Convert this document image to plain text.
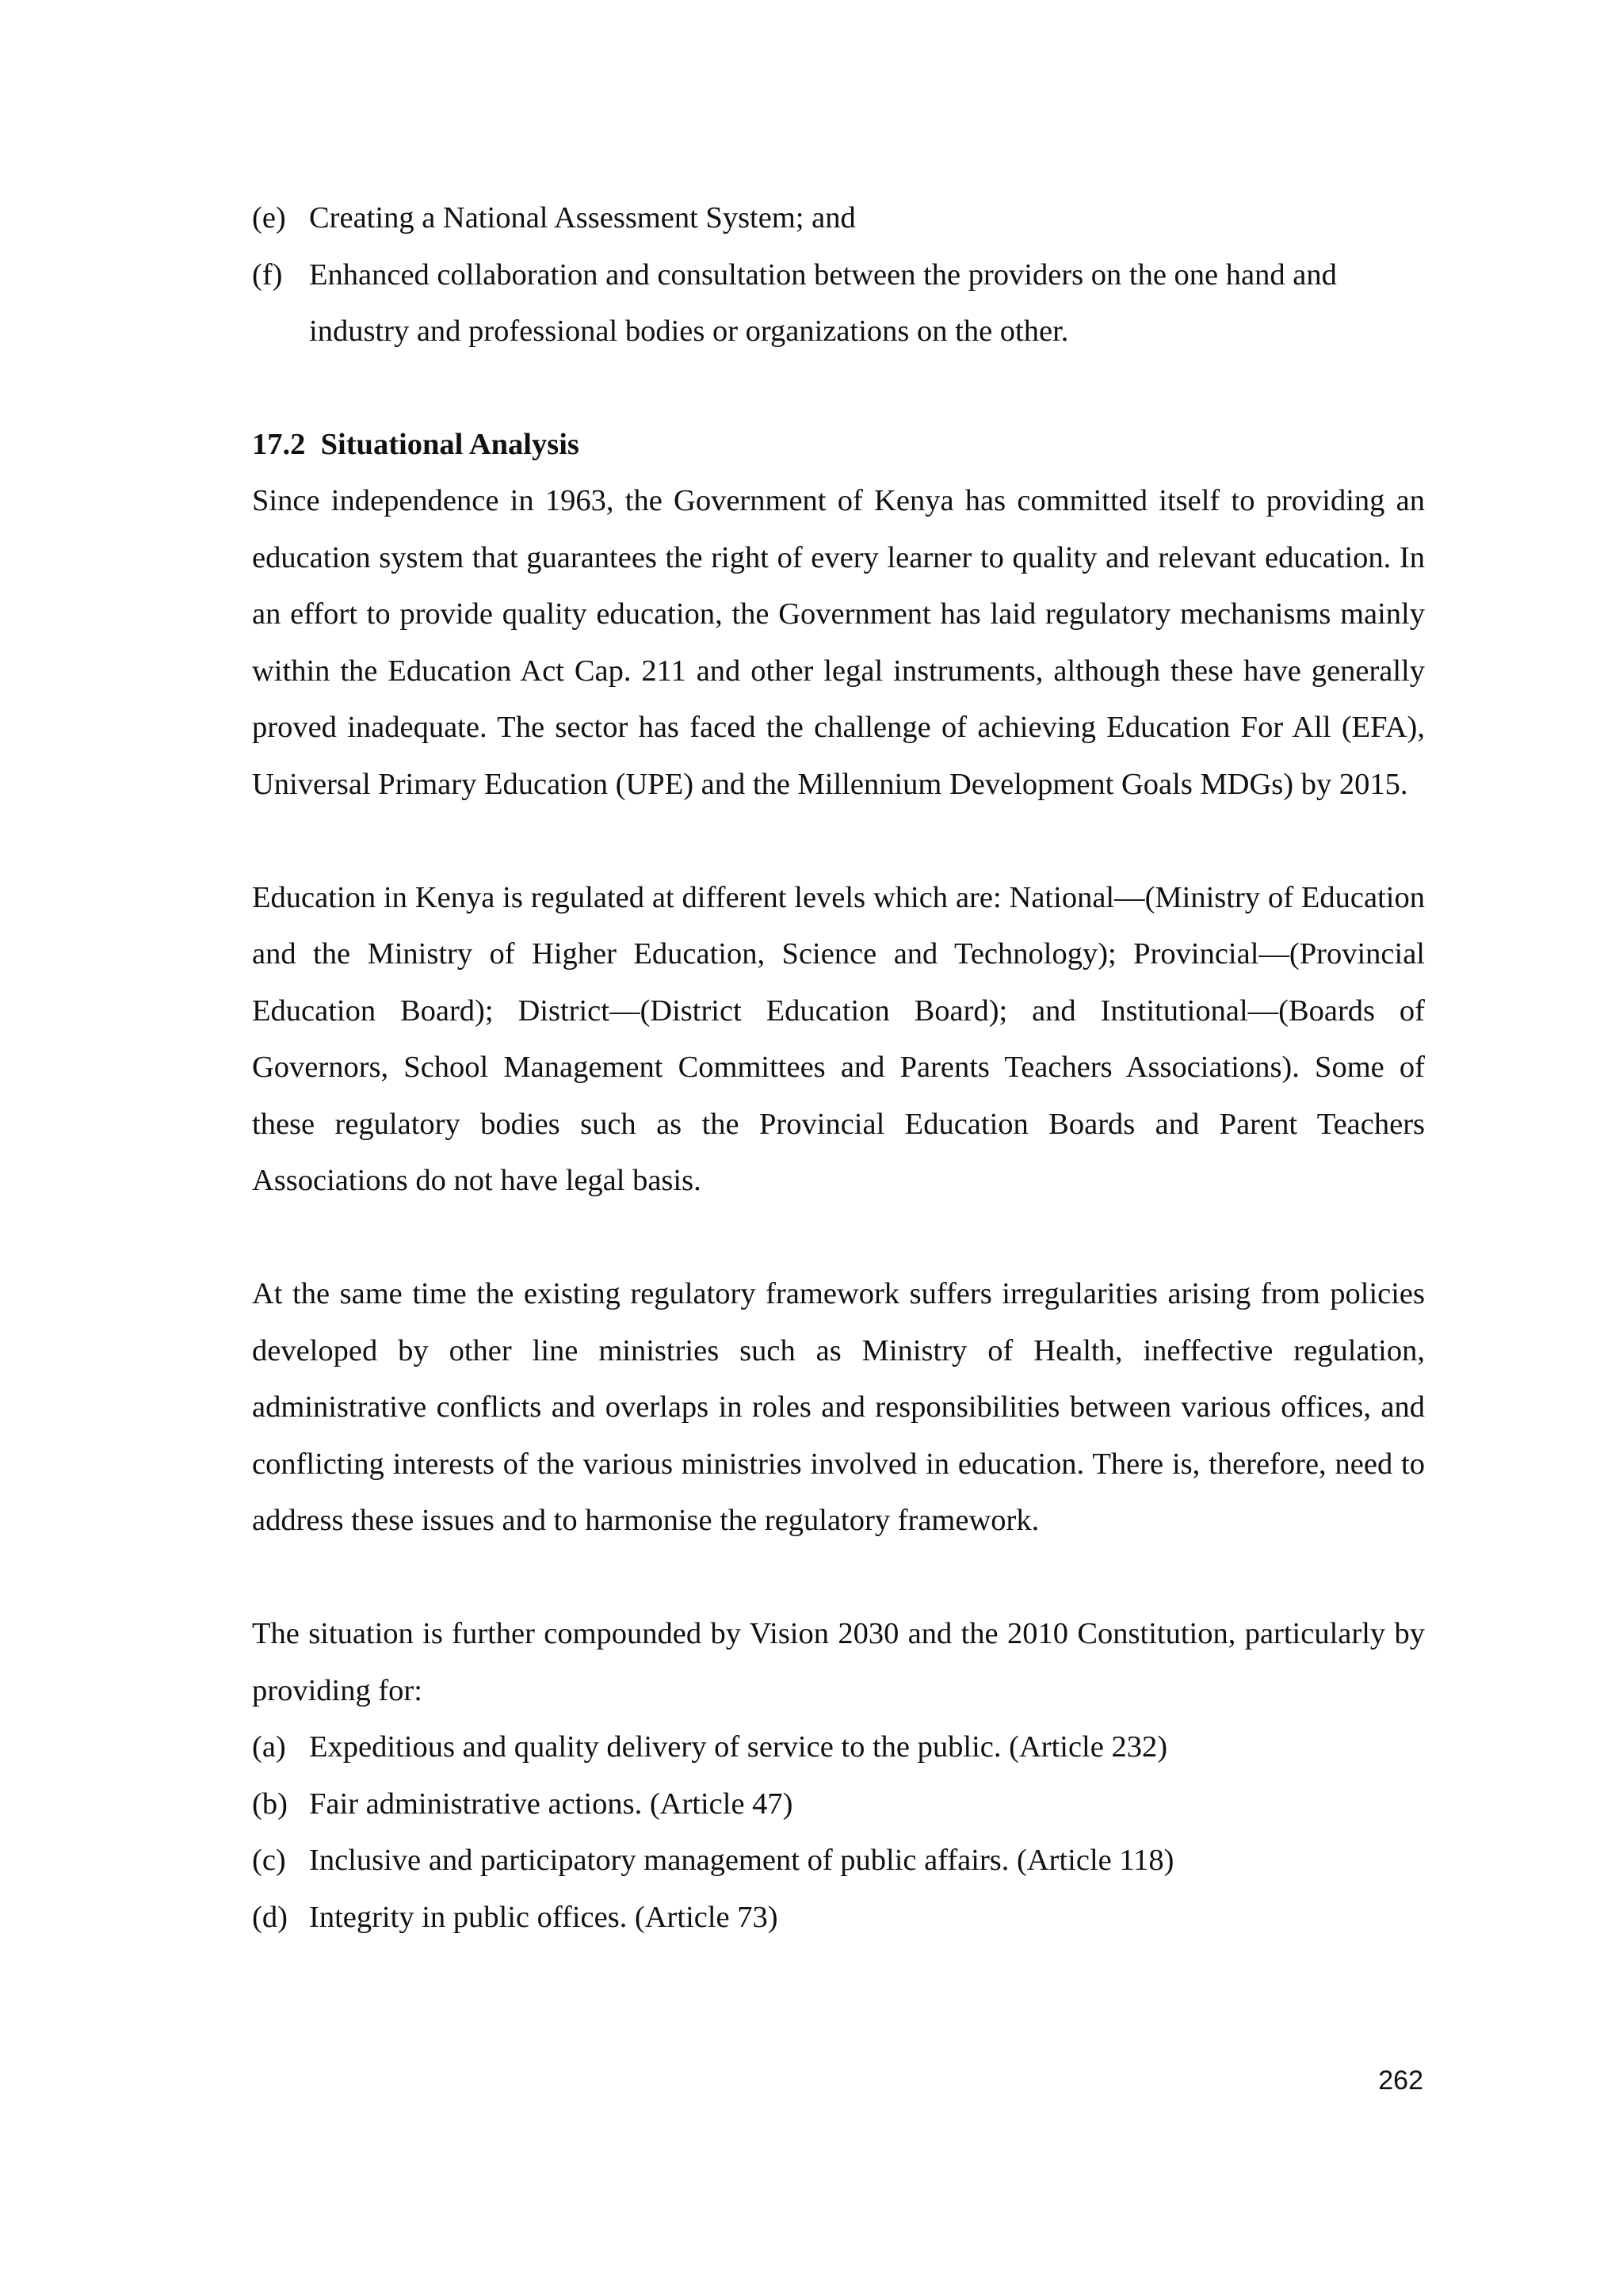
(e) Creating a National Assessment System; and
(f) Enhanced collaboration and consultation between the providers on the one hand and industry and professional bodies or organizations on the other.
17.2  Situational Analysis

Since independence in 1963, the Government of Kenya has committed itself to providing an education system that guarantees the right of every learner to quality and relevant education. In an effort to provide quality education, the Government has laid regulatory mechanisms mainly within the Education Act Cap. 211 and other legal instruments, although these have generally proved inadequate. The sector has faced the challenge of achieving Education For All (EFA), Universal Primary Education (UPE) and the Millennium Development Goals MDGs) by 2015.

Education in Kenya is regulated at different levels which are: National—(Ministry of Education and the Ministry of Higher Education, Science and Technology); Provincial—(Provincial Education Board); District—(District Education Board); and Institutional—(Boards of Governors, School Management Committees and Parents Teachers Associations). Some of these regulatory bodies such as the Provincial Education Boards and Parent Teachers Associations do not have legal basis.

At the same time the existing regulatory framework suffers irregularities arising from policies developed by other line ministries such as Ministry of Health, ineffective regulation, administrative conflicts and overlaps in roles and responsibilities between various offices, and conflicting interests of the various ministries involved in education. There is, therefore, need to address these issues and to harmonise the regulatory framework.

The situation is further compounded by Vision 2030 and the 2010 Constitution, particularly by providing for:

(a) Expeditious and quality delivery of service to the public. (Article 232)
(b) Fair administrative actions. (Article 47)
(c) Inclusive and participatory management of public affairs. (Article 118)
(d) Integrity in public offices. (Article 73)
262
